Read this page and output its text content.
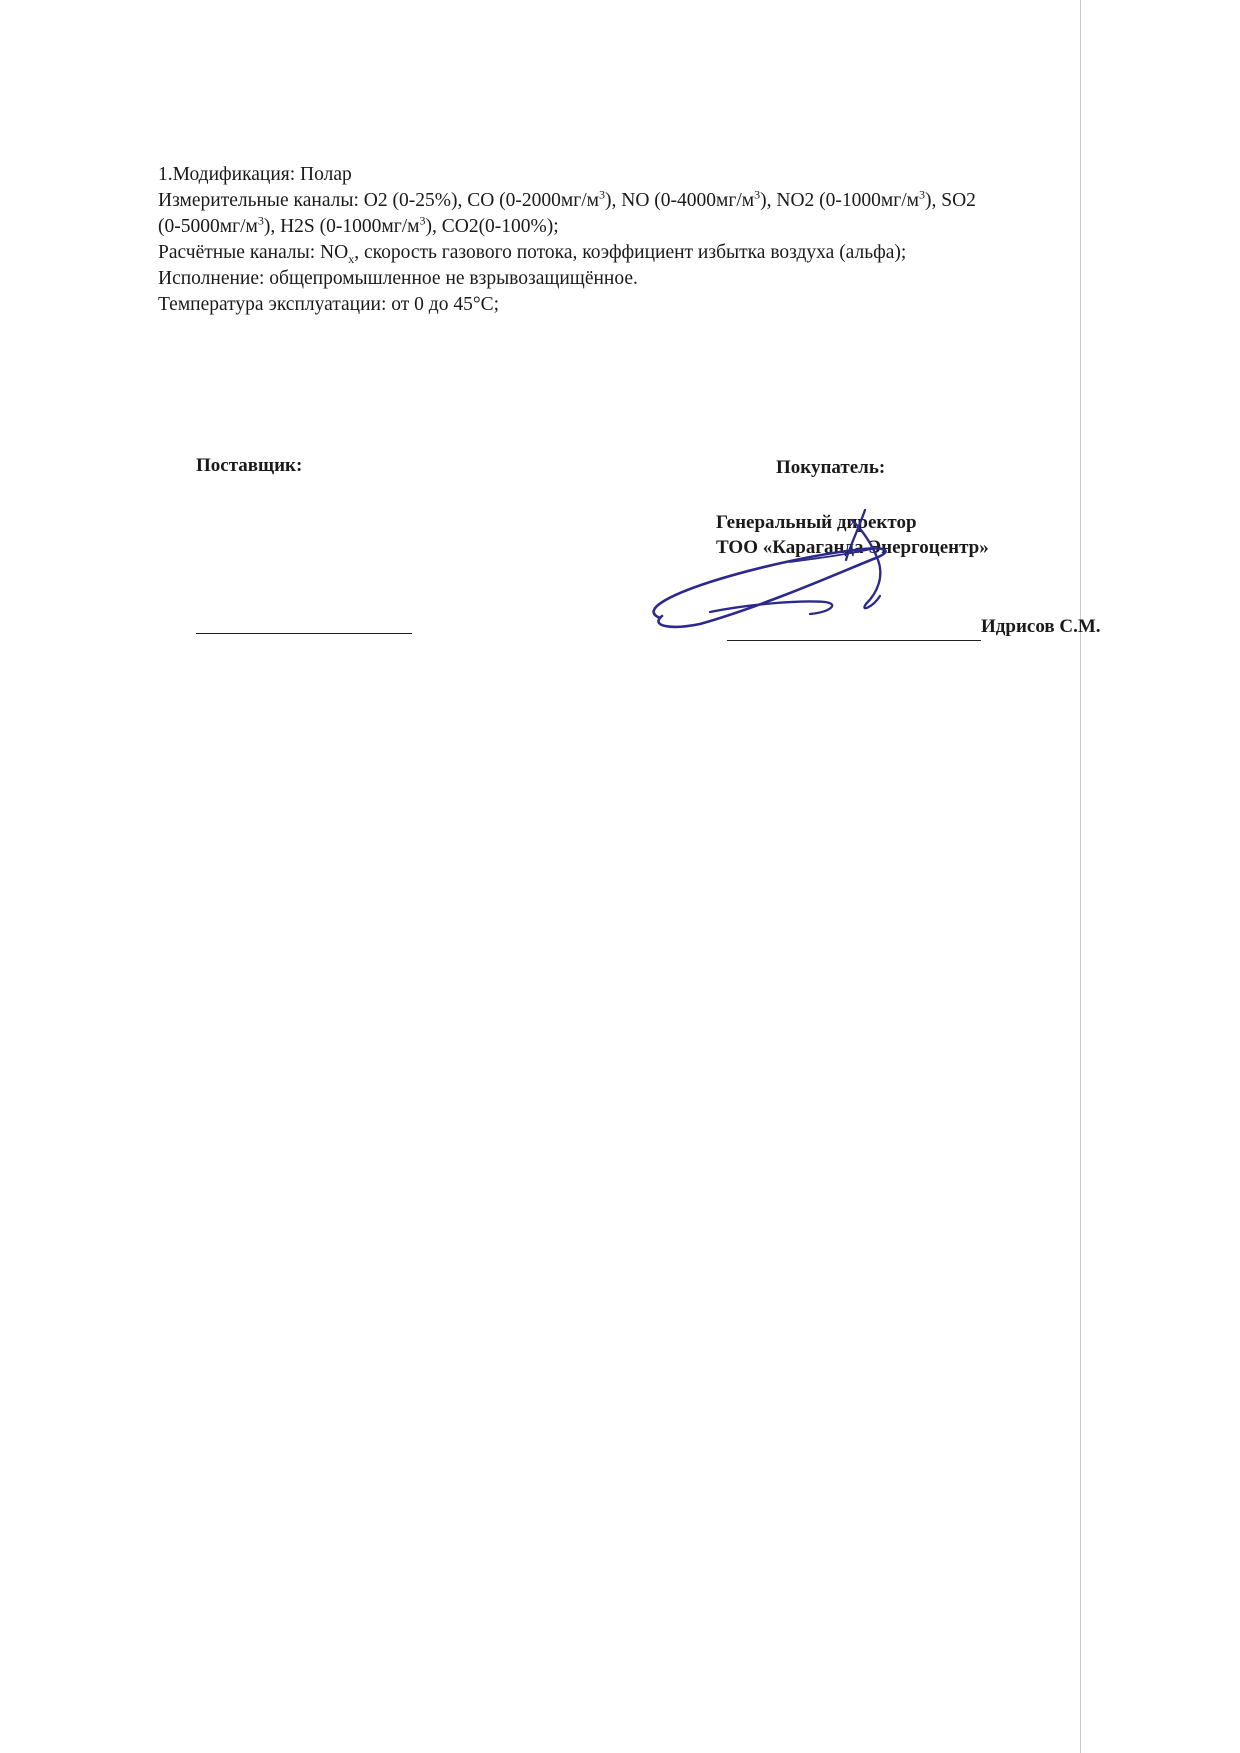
1.Модификация: Полар
Измерительные каналы: О2 (0-25%), СО $(0-2000мг/м^3)$, NO $(0-4000мг/м^3)$, NO2 $(0-1000мг/м^3)$, SO2
$(0-5000мг/м^3)$, H2S $(0-1000мг/м^3)$, CO2(0-100%);
Расчётные каналы: $NO_x$, скорость газового потока, коэффициент избытка воздуха (альфа);
Исполнение: общепромышленное не взрывозащищённое.
Температура эксплуатации: от 0 до 45°С;
Поставщик:	Покупатель:
Генеральный директор
ТОО «Караганда Энергоцентр»
Идрисов С.М.
